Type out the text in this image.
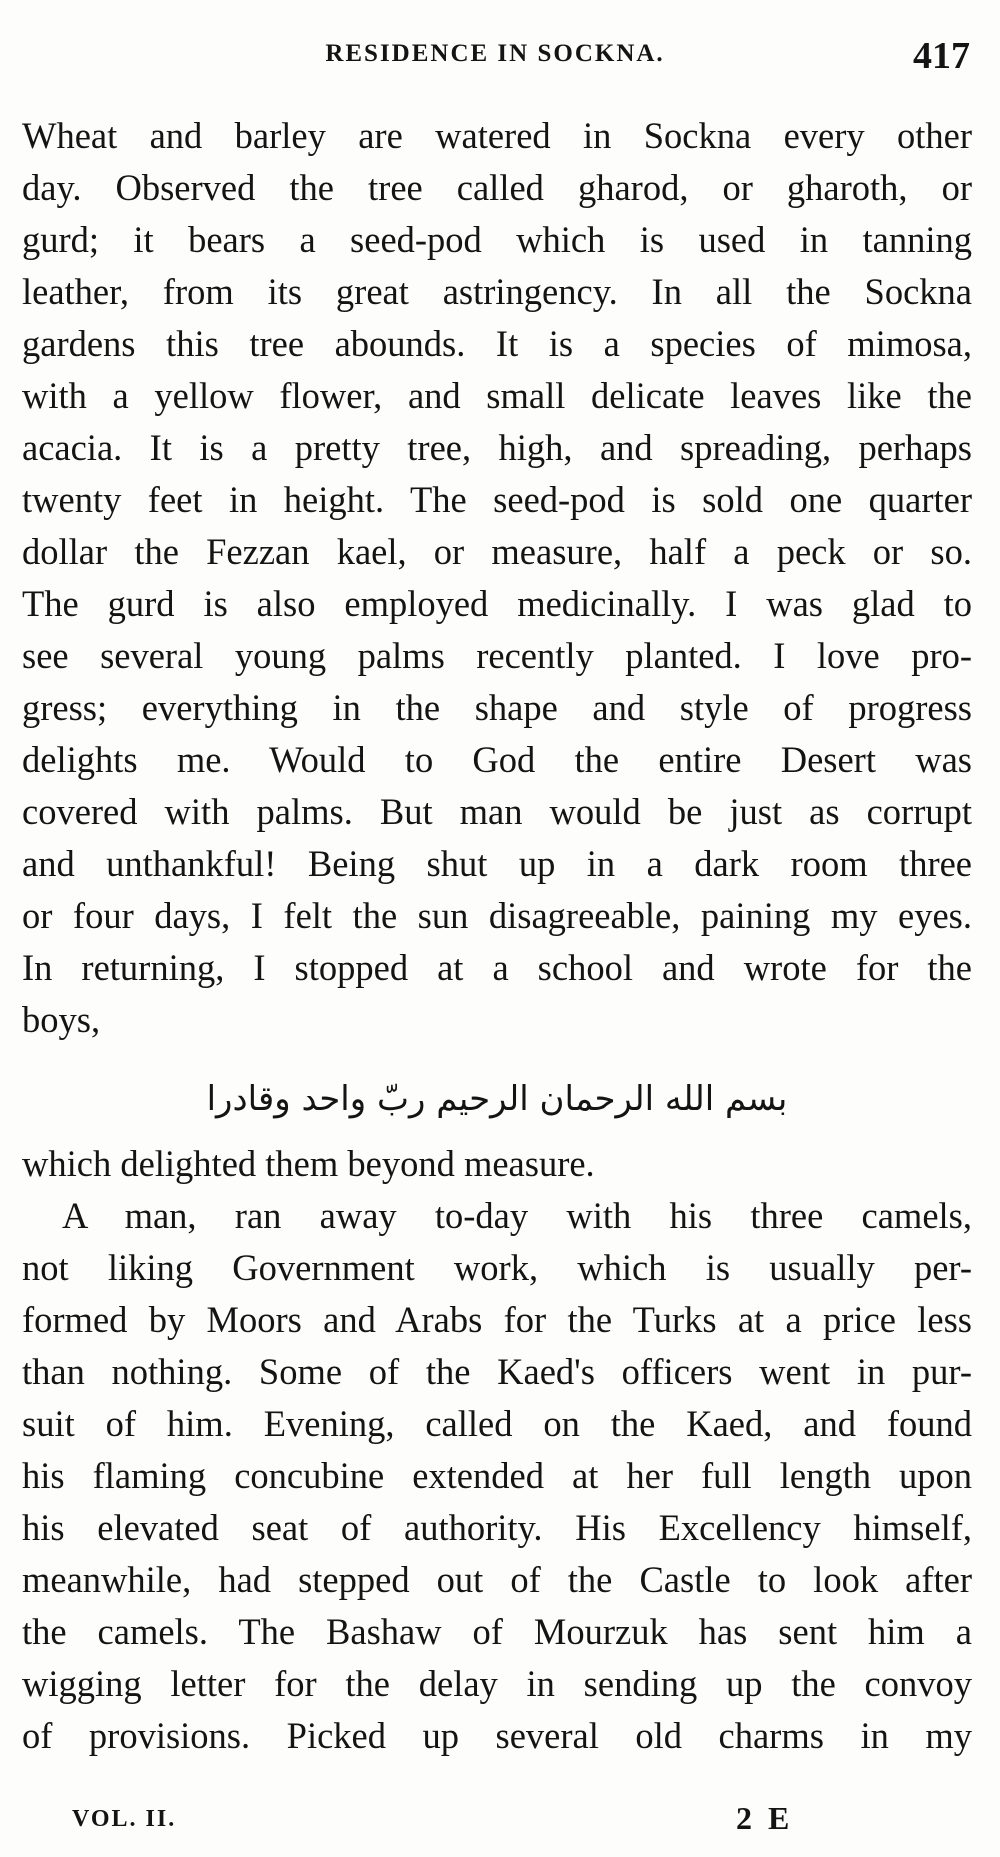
RESIDENCE IN SOCKNA.	417

Wheat and barley are watered in Sockna every other
day. Observed the tree called gharod, or gharoth, or
gurd; it bears a seed-pod which is used in tanning
leather, from its great astringency. In all the Sockna
gardens this tree abounds. It is a species of mimosa,
with a yellow flower, and small delicate leaves like the
acacia. It is a pretty tree, high, and spreading, perhaps
twenty feet in height. The seed-pod is sold one quarter
dollar the Fezzan kael, or measure, half a peck or so.
The gurd is also employed medicinally. I was glad to
see several young palms recently planted. I love pro-
gress; everything in the shape and style of progress
delights me. Would to God the entire Desert was
covered with palms. But man would be just as corrupt
and unthankful! Being shut up in a dark room three
or four days, I felt the sun disagreeable, paining my eyes.
In returning, I stopped at a school and wrote for the
boys,

بسم الله الرحمان الرحيم ربّ واحد وقادرا

which delighted them beyond measure.

A man, ran away to-day with his three camels,
not liking Government work, which is usually per-
formed by Moors and Arabs for the Turks at a price less
than nothing. Some of the Kaed's officers went in pur-
suit of him. Evening, called on the Kaed, and found
his flaming concubine extended at her full length upon
his elevated seat of authority. His Excellency himself,
meanwhile, had stepped out of the Castle to look after
the camels. The Bashaw of Mourzuk has sent him a
wigging letter for the delay in sending up the convoy
of provisions. Picked up several old charms in my

VOL. II.	2 E
